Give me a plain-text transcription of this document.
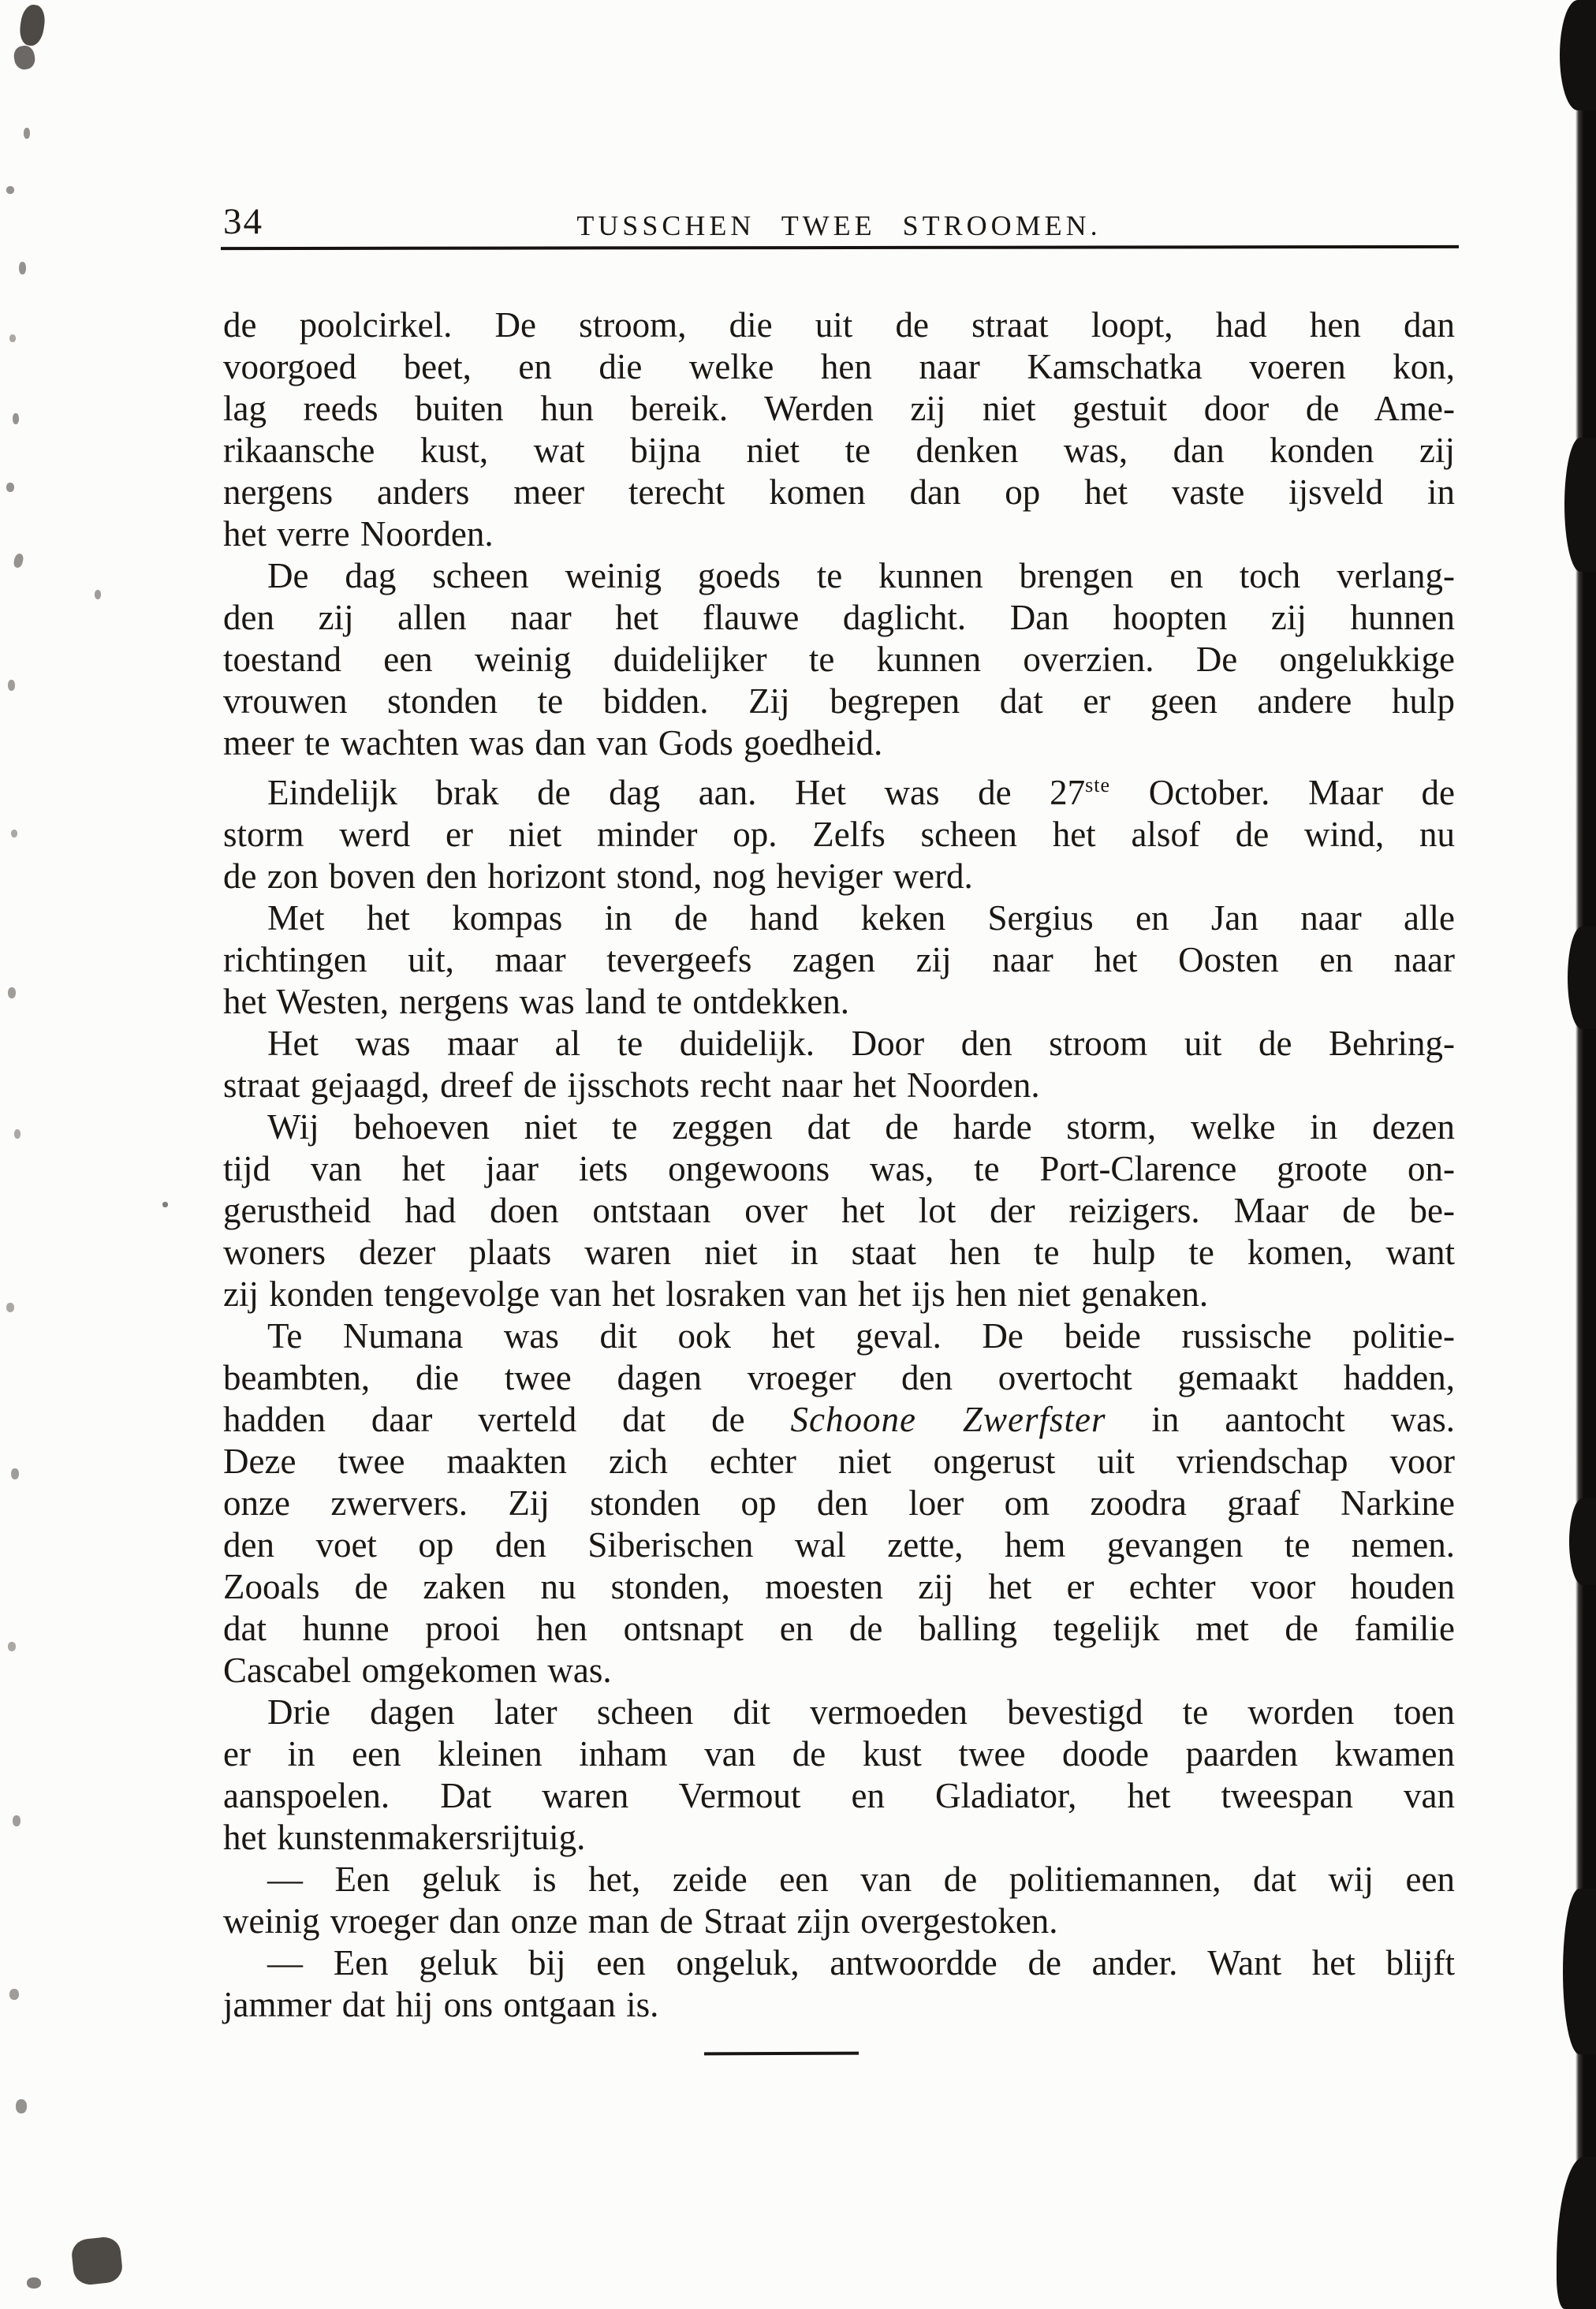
34	TUSSCHEN TWEE STROOMEN.
de poolcirkel. De stroom, die uit de straat loopt, had hen dan
voorgoed beet, en die welke hen naar Kamschatka voeren kon,
lag reeds buiten hun bereik. Werden zij niet gestuit door de Ame-
rikaansche kust, wat bijna niet te denken was, dan konden zij
nergens anders meer terecht komen dan op het vaste ijsveld in
het verre Noorden.
De dag scheen weinig goeds te kunnen brengen en toch verlang-
den zij allen naar het flauwe daglicht. Dan hoopten zij hunnen
toestand een weinig duidelijker te kunnen overzien. De ongelukkige
vrouwen stonden te bidden. Zij begrepen dat er geen andere hulp
meer te wachten was dan van Gods goedheid.
Eindelijk brak de dag aan. Het was de 27ste October. Maar de
storm werd er niet minder op. Zelfs scheen het alsof de wind, nu
de zon boven den horizont stond, nog heviger werd.
Met het kompas in de hand keken Sergius en Jan naar alle
richtingen uit, maar tevergeefs zagen zij naar het Oosten en naar
het Westen, nergens was land te ontdekken.
Het was maar al te duidelijk. Door den stroom uit de Behring-
straat gejaagd, dreef de ijsschots recht naar het Noorden.
Wij behoeven niet te zeggen dat de harde storm, welke in dezen
tijd van het jaar iets ongewoons was, te Port-Clarence groote on-
gerustheid had doen ontstaan over het lot der reizigers. Maar de be-
woners dezer plaats waren niet in staat hen te hulp te komen, want
zij konden tengevolge van het losraken van het ijs hen niet genaken.
Te Numana was dit ook het geval. De beide russische politie-
beambten, die twee dagen vroeger den overtocht gemaakt hadden,
hadden daar verteld dat de Schoone Zwerfster in aantocht was.
Deze twee maakten zich echter niet ongerust uit vriendschap voor
onze zwervers. Zij stonden op den loer om zoodra graaf Narkine
den voet op den Siberischen wal zette, hem gevangen te nemen.
Zooals de zaken nu stonden, moesten zij het er echter voor houden
dat hunne prooi hen ontsnapt en de balling tegelijk met de familie
Cascabel omgekomen was.
Drie dagen later scheen dit vermoeden bevestigd te worden toen
er in een kleinen inham van de kust twee doode paarden kwamen
aanspoelen. Dat waren Vermout en Gladiator, het tweespan van
het kunstenmakersrijtuig.
— Een geluk is het, zeide een van de politiemannen, dat wij een
weinig vroeger dan onze man de Straat zijn overgestoken.
— Een geluk bij een ongeluk, antwoordde de ander. Want het blijft
jammer dat hij ons ontgaan is.
